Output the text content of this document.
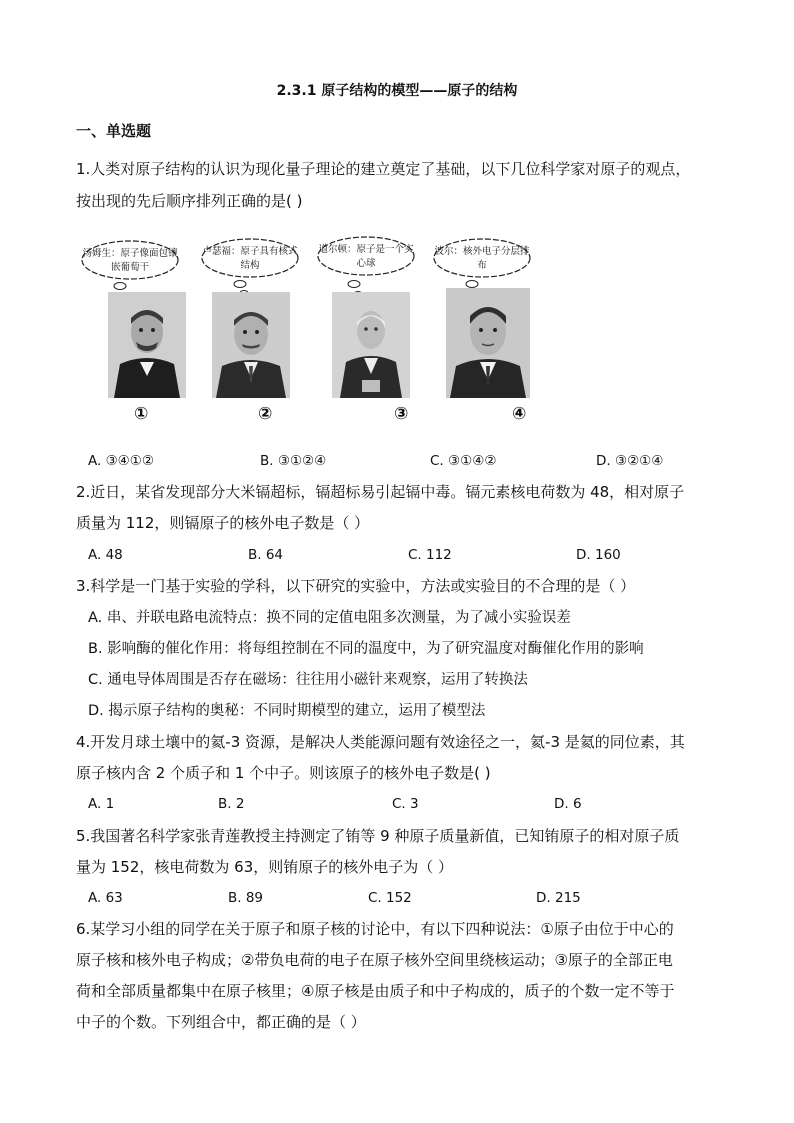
2.3.1 原子结构的模型——原子的结构
一、单选题
1.人类对原子结构的认识为现化量子理论的建立奠定了基础，以下几位科学家对原子的观点，
按出现的先后顺序排列正确的是( )
汤姆生：原子像面包镶嵌葡萄干
卢瑟福：原子具有核式结构
道尔顿：原子是一个实心球
波尔：核外电子分层排布
①	②	③	④
A. ③④①②	B. ③①②④	C. ③①④②	D. ③②①④
2.近日，某省发现部分大米镉超标，镉超标易引起镉中毒。镉元素核电荷数为 48，相对原子
质量为 112，则镉原子的核外电子数是（ ）
A. 48	B. 64	C. 112	D. 160
3.科学是一门基于实验的学科，以下研究的实验中，方法或实验目的不合理的是（ ）
A. 串、并联电路电流特点：换不同的定值电阻多次测量，为了减小实验误差
B. 影响酶的催化作用：将每组控制在不同的温度中，为了研究温度对酶催化作用的影响
C. 通电导体周围是否存在磁场：往往用小磁针来观察，运用了转换法
D. 揭示原子结构的奥秘：不同时期模型的建立，运用了模型法
4.开发月球土壤中的氦-3 资源，是解决人类能源问题有效途径之一，氦-3 是氦的同位素，其
原子核内含 2 个质子和 1 个中子。则该原子的核外电子数是( )
A. 1	B. 2	C. 3	D. 6
5.我国著名科学家张青莲教授主持测定了铕等 9 种原子质量新值，已知铕原子的相对原子质
量为 152，核电荷数为 63，则铕原子的核外电子为（ ）
A. 63	B. 89	C. 152	D. 215
6.某学习小组的同学在关于原子和原子核的讨论中，有以下四种说法：①原子由位于中心的
原子核和核外电子构成；②带负电荷的电子在原子核外空间里绕核运动；③原子的全部正电
荷和全部质量都集中在原子核里；④原子核是由质子和中子构成的，质子的个数一定不等于
中子的个数。下列组合中，都正确的是（ ）
